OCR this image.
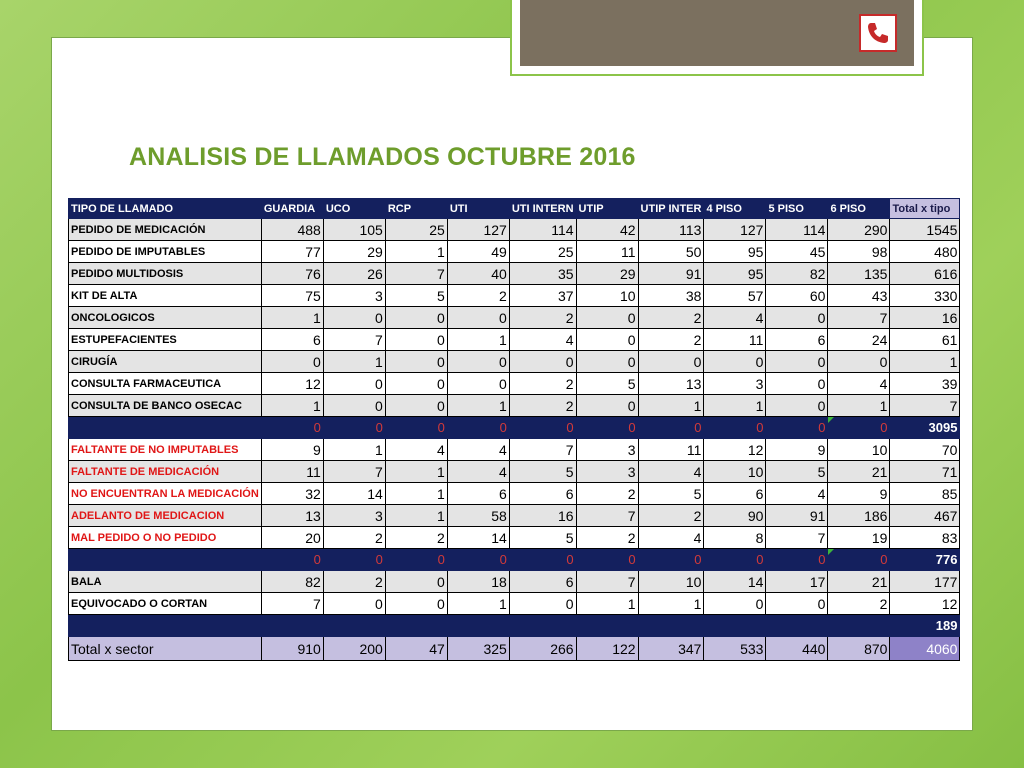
ANALISIS DE LLAMADOS OCTUBRE 2016
TIPO DE LLAMADO	GUARDIA	UCO	RCP	UTI	UTI INTERN	UTIP	UTIP INTER	4 PISO	5 PISO	6 PISO	Total x tipo
PEDIDO DE MEDICACIÓN	488	105	25	127	114	42	113	127	114	290	1545
PEDIDO DE IMPUTABLES	77	29	1	49	25	11	50	95	45	98	480
PEDIDO MULTIDOSIS	76	26	7	40	35	29	91	95	82	135	616
KIT DE ALTA	75	3	5	2	37	10	38	57	60	43	330
ONCOLOGICOS	1	0	0	0	2	0	2	4	0	7	16
ESTUPEFACIENTES	6	7	0	1	4	0	2	11	6	24	61
CIRUGÍA	0	1	0	0	0	0	0	0	0	0	1
CONSULTA FARMACEUTICA	12	0	0	0	2	5	13	3	0	4	39
CONSULTA DE BANCO OSECAC	1	0	0	1	2	0	1	1	0	1	7
	0	0	0	0	0	0	0	0	0	0	3095
FALTANTE DE NO IMPUTABLES	9	1	4	4	7	3	11	12	9	10	70
FALTANTE DE MEDICACIÓN	11	7	1	4	5	3	4	10	5	21	71
NO ENCUENTRAN LA MEDICACIÓN	32	14	1	6	6	2	5	6	4	9	85
ADELANTO DE MEDICACION	13	3	1	58	16	7	2	90	91	186	467
MAL PEDIDO O NO PEDIDO	20	2	2	14	5	2	4	8	7	19	83
	0	0	0	0	0	0	0	0	0	0	776
BALA	82	2	0	18	6	7	10	14	17	21	177
EQUIVOCADO O CORTAN	7	0	0	1	0	1	1	0	0	2	12
											189
Total x sector	910	200	47	325	266	122	347	533	440	870	4060
